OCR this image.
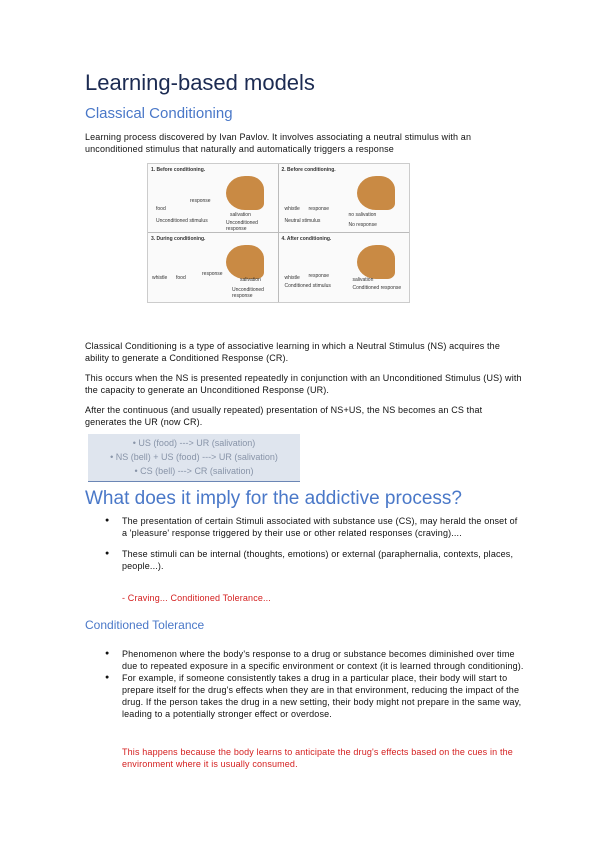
Learning-based models
Classical Conditioning

Learning process discovered by Ivan Pavlov. It involves associating a neutral stimulus with an unconditioned stimulus that naturally and automatically triggers a response

1. Before conditioning.
food
response
salivation
Unconditioned stimulus	Unconditioned response
2. Before conditioning.
whistle response
no salivation
Neutral stimulus
No response
3. During conditioning.
whistle food
response
salivation
Unconditioned response
4. After conditioning.
whistle response
salivation
Conditioned stimulus	Conditioned response

Classical Conditioning is a type of associative learning in which a Neutral Stimulus (NS) acquires the ability to generate a Conditioned Response (CR).

This occurs when the NS is presented repeatedly in conjunction with an Unconditioned Stimulus (US) with the capacity to generate an Unconditioned Response (UR).

After the continuous (and usually repeated) presentation of NS+US, the NS becomes an CS that generates the UR (now CR).

• US (food) ---> UR (salivation)
• NS (bell) + US (food) ---> UR (salivation)
• CS (bell) ---> CR (salivation)
What does it imply for the addictive process?
● The presentation of certain Stimuli associated with substance use (CS), may herald the onset of a 'pleasure' response triggered by their use or other related responses (craving)....
● These stimuli can be internal (thoughts, emotions) or external (paraphernalia, contexts, places, people...).

- Craving... Conditioned Tolerance...

Conditioned Tolerance
● Phenomenon where the body's response to a drug or substance becomes diminished over time due to repeated exposure in a specific environment or context (it is learned through conditioning).
● For example, if someone consistently takes a drug in a particular place, their body will start to prepare itself for the drug's effects when they are in that environment, reducing the impact of the drug. If the person takes the drug in a new setting, their body might not prepare in the same way, leading to a potentially stronger effect or overdose.

This happens because the body learns to anticipate the drug's effects based on the cues in the environment where it is usually consumed.
